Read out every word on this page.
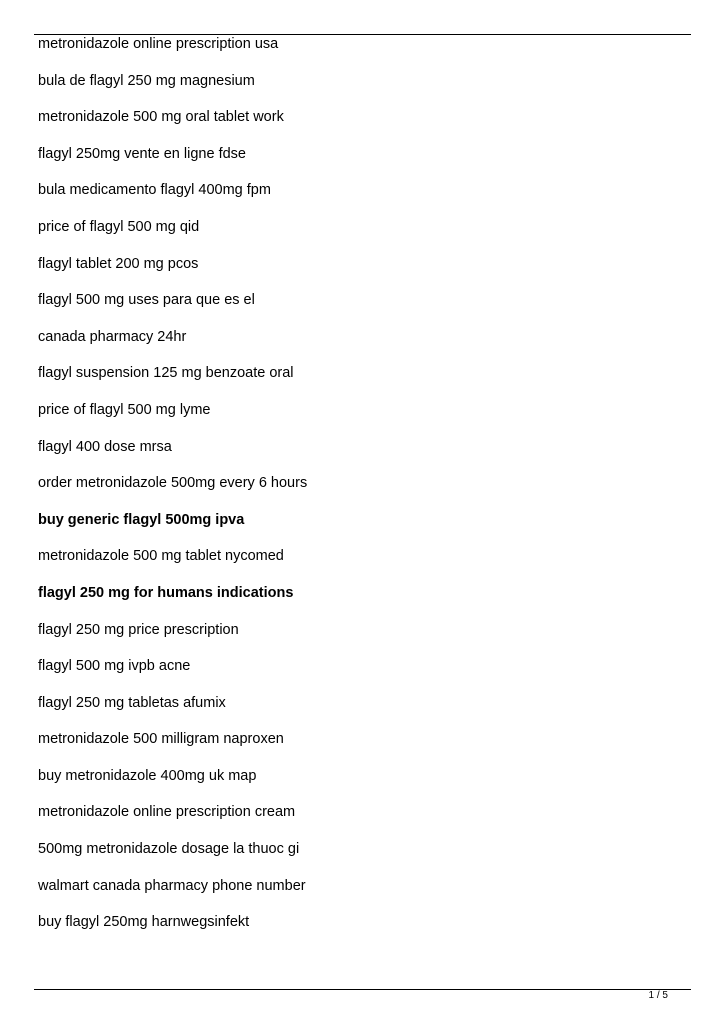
metronidazole online prescription usa
bula de flagyl 250 mg magnesium
metronidazole 500 mg oral tablet work
flagyl 250mg vente en ligne fdse
bula medicamento flagyl 400mg fpm
price of flagyl 500 mg qid
flagyl tablet 200 mg pcos
flagyl 500 mg uses para que es el
canada pharmacy 24hr
flagyl suspension 125 mg benzoate oral
price of flagyl 500 mg lyme
flagyl 400 dose mrsa
order metronidazole 500mg every 6 hours
buy generic flagyl 500mg ipva
metronidazole 500 mg tablet nycomed
flagyl 250 mg for humans indications
flagyl 250 mg price prescription
flagyl 500 mg ivpb acne
flagyl 250 mg tabletas afumix
metronidazole 500 milligram naproxen
buy metronidazole 400mg uk map
metronidazole online prescription cream
500mg metronidazole dosage la thuoc gi
walmart canada pharmacy phone number
buy flagyl 250mg harnwegsinfekt
1 / 5
